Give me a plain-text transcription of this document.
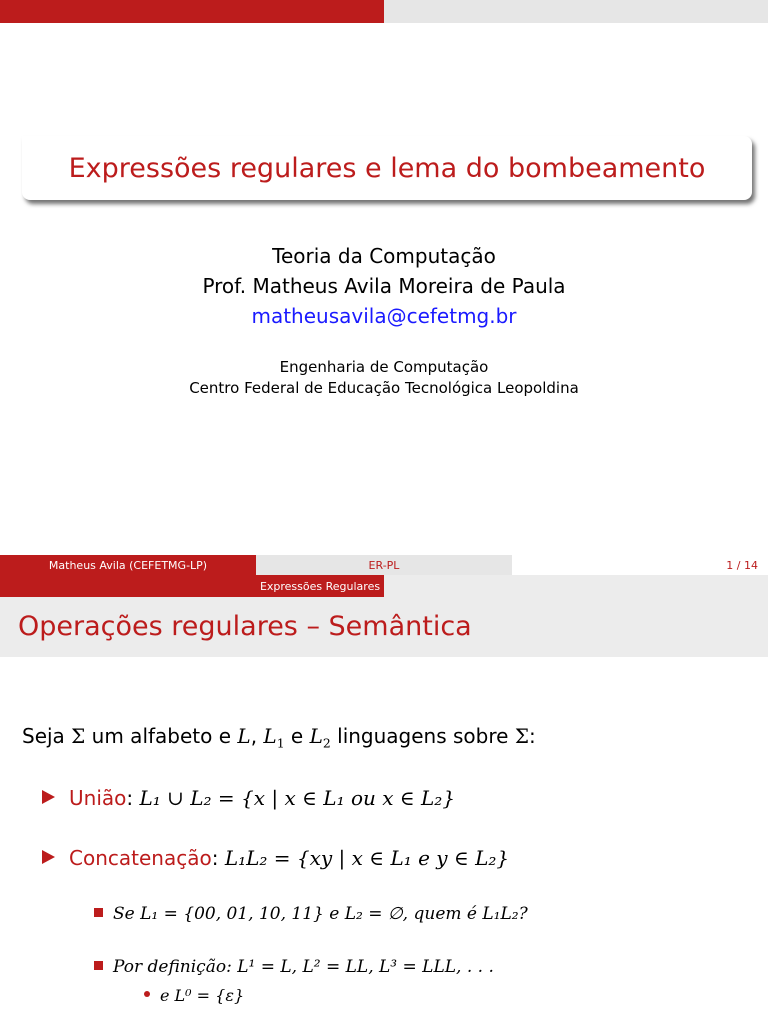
Expressões regulares e lema do bombeamento
Teoria da Computação
Prof. Matheus Avila Moreira de Paula
matheusavila@cefetmg.br
Engenharia de Computação
Centro Federal de Educação Tecnológica Leopoldina
Matheus Avila (CEFETMG-LP)	ER-PL	1 / 14
Expressões Regulares
Operações regulares – Semântica
Seja Σ um alfabeto e L, $L_1$ e $L_2$ linguagens sobre Σ:
União: L₁ ∪ L₂ = {x | x ∈ L₁ ou x ∈ L₂}
Concatenação: L₁L₂ = {xy | x ∈ L₁ e y ∈ L₂}
Se L₁ = {00, 01, 10, 11} e L₂ = ∅, quem é L₁L₂?
Por definição: L¹ = L, L² = LL, L³ = LLL, . . .
e L⁰ = {ε}
